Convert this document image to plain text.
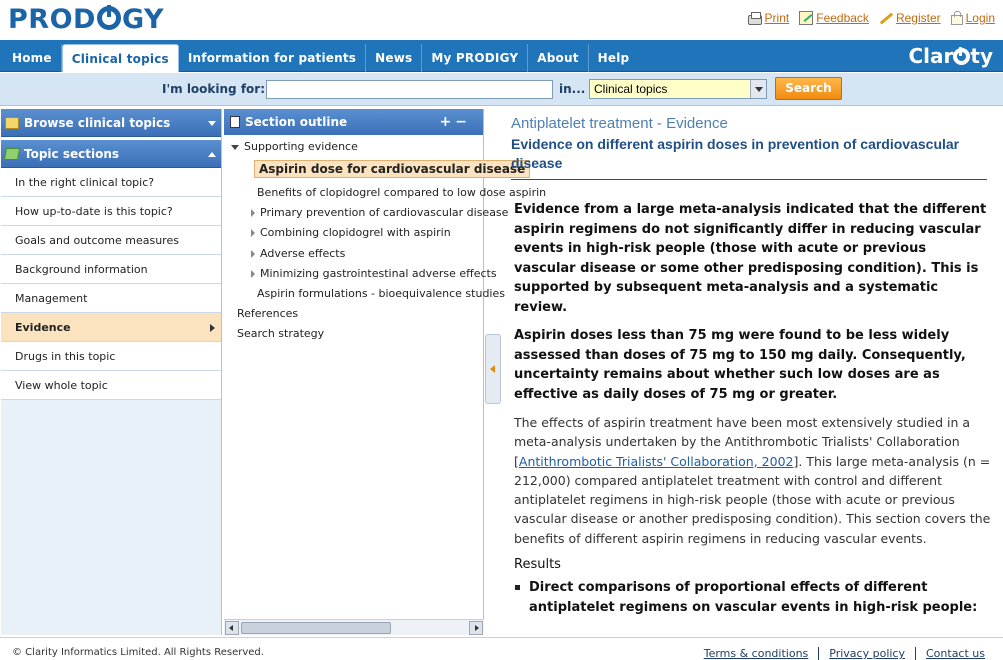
PROD GY	Print Feedback Register Login
Home	Clinical topics	Information for patients	News	My PRODIGY	About	Help	Clar ty
I'm looking for:	in... Clinical topics	Search
Browse clinical topics
Topic sections
In the right clinical topic?
How up-to-date is this topic?
Goals and outcome measures
Background information
Management
Evidence
Drugs in this topic
View whole topic
Section outline	+−
Supporting evidence
Aspirin dose for cardiovascular disease
Benefits of clopidogrel compared to low dose aspirin
Primary prevention of cardiovascular disease
Combining clopidogrel with aspirin
Adverse effects
Minimizing gastrointestinal adverse effects
Aspirin formulations - bioequivalence studies
References
Search strategy
Antiplatelet treatment - Evidence
Evidence on different aspirin doses in prevention of cardiovascular disease

Evidence from a large meta-analysis indicated that the different aspirin regimens do not significantly differ in reducing vascular events in high-risk people (those with acute or previous vascular disease or some other predisposing condition). This is supported by subsequent meta-analysis and a systematic review.

Aspirin doses less than 75 mg were found to be less widely assessed than doses of 75 mg to 150 mg daily. Consequently, uncertainty remains about whether such low doses are as effective as daily doses of 75 mg or greater.

The effects of aspirin treatment have been most extensively studied in a meta-analysis undertaken by the Antithrombotic Trialists' Collaboration [Antithrombotic Trialists' Collaboration, 2002]. This large meta-analysis (n = 212,000) compared antiplatelet treatment with control and different antiplatelet regimens in high-risk people (those with acute or previous vascular disease or another predisposing condition). This section covers the benefits of different aspirin regimens in reducing vascular events.

Results

Direct comparisons of proportional effects of different antiplatelet regimens on vascular events in high-risk people:

© Clarity Informatics Limited. All Rights Reserved.	Terms & conditions	Privacy policy	Contact us
